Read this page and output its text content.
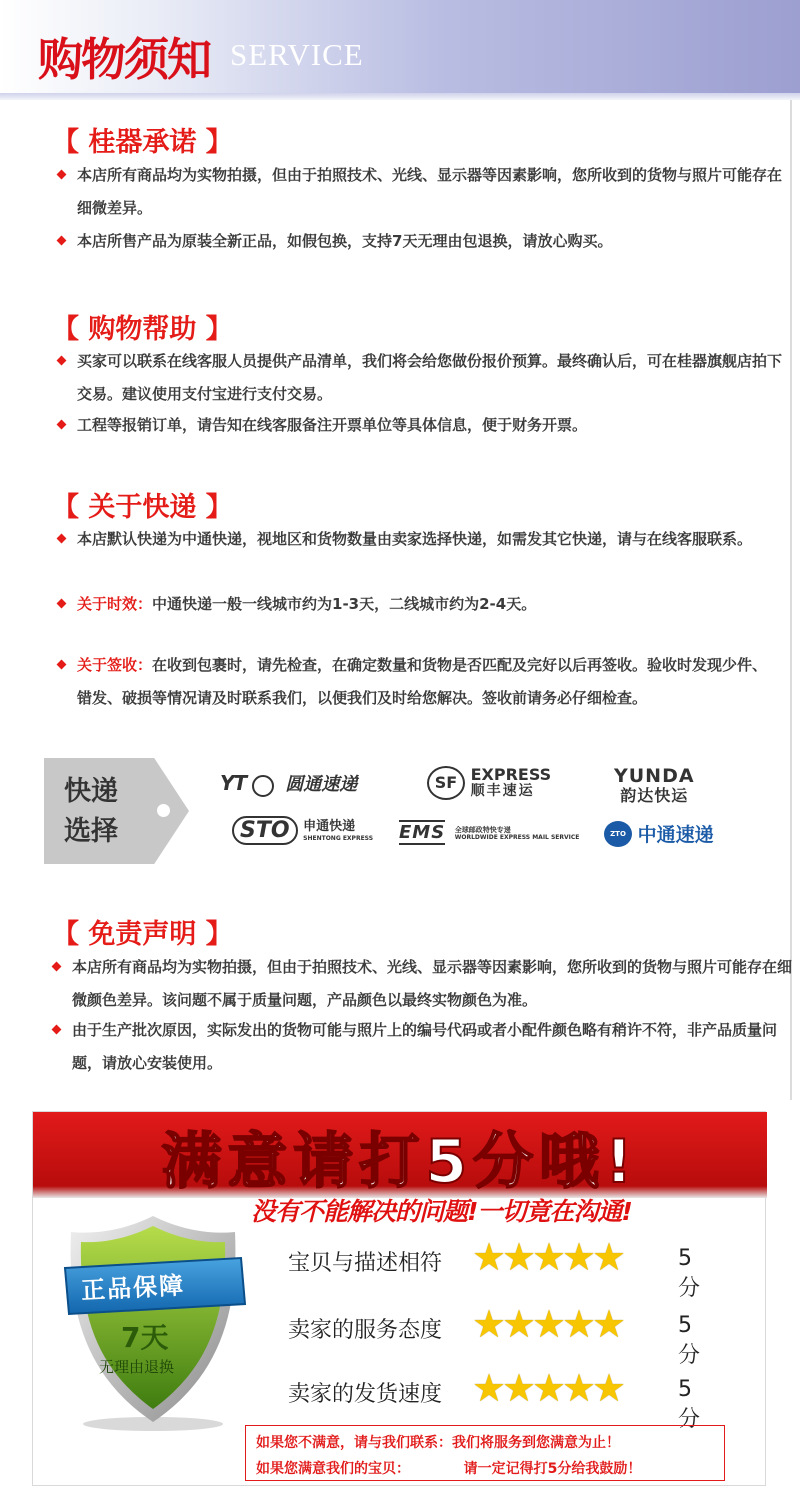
购物须知 SERVICE
【 桂器承诺 】
本店所有商品均为实物拍摄，但由于拍照技术、光线、显示器等因素影响，您所收到的货物与照片可能存在细微差异。
本店所售产品为原装全新正品，如假包换，支持7天无理由包退换，请放心购买。
【 购物帮助 】
买家可以联系在线客服人员提供产品清单，我们将会给您做份报价预算。最终确认后，可在桂器旗舰店拍下交易。建议使用支付宝进行支付交易。
工程等报销订单，请告知在线客服备注开票单位等具体信息，便于财务开票。
【 关于快递 】
本店默认快递为中通快递，视地区和货物数量由卖家选择快递，如需发其它快递，请与在线客服联系。
关于时效：中通快递一般一线城市约为1-3天，二线城市约为2-4天。
关于签收：在收到包裹时，请先检查，在确定数量和货物是否匹配及完好以后再签收。验收时发现少件、错发、破损等情况请及时联系我们，以便我们及时给您解决。签收前请务必仔细检查。
快递
选择
YT 圆通速递	SF EXPRESS
顺丰速运
YUNDA
韵达快运
STO 申通快递
SHENTONG EXPRESS EMS 全球邮政特快专递
WORLDWIDE EXPRESS MAIL SERVICE	ZTO 中通速递
【 免责声明 】
本店所有商品均为实物拍摄，但由于拍照技术、光线、显示器等因素影响，您所收到的货物与照片可能存在细微颜色差异。该问题不属于质量问题，产品颜色以最终实物颜色为准。
由于生产批次原因，实际发出的货物可能与照片上的编号代码或者小配件颜色略有稍许不符，非产品质量问题，请放心安装使用。
满意请打5分哦!
没有不能解决的问题!一切竟在沟通!
正品保障
7天
无理由退换
宝贝与描述相符 ★
★
★
★
★ 5分
卖家的服务态度 ★
★
★
★
★ 5分
卖家的发货速度 ★
★
★
★
★ 5分
如果您不满意，请与我们联系：我们将服务到您满意为止！
如果您满意我们的宝贝：           请一定记得打5分给我鼓励！
